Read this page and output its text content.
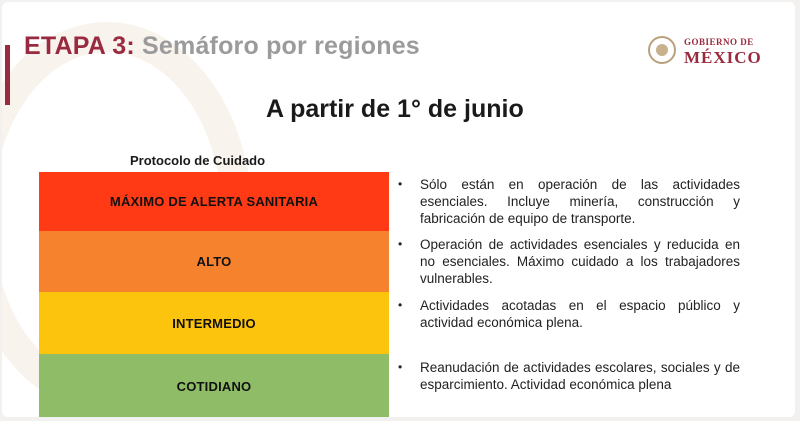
ETAPA 3: Semáforo por regiones	GOBIERNO DE
MÉXICO
A partir de 1° de junio
Protocolo de Cuidado
MÁXIMO DE ALERTA SANITARIA
ALTO
INTERMEDIO
COTIDIANO
• Sólo están en operación de las actividades esenciales. Incluye minería, construcción y fabricación de equipo de transporte.
• Operación de actividades esenciales y reducida en no esenciales. Máximo cuidado a los trabajadores vulnerables.
• Actividades acotadas en el espacio público y actividad económica plena.
• Reanudación de actividades escolares, sociales y de esparcimiento. Actividad económica plena
